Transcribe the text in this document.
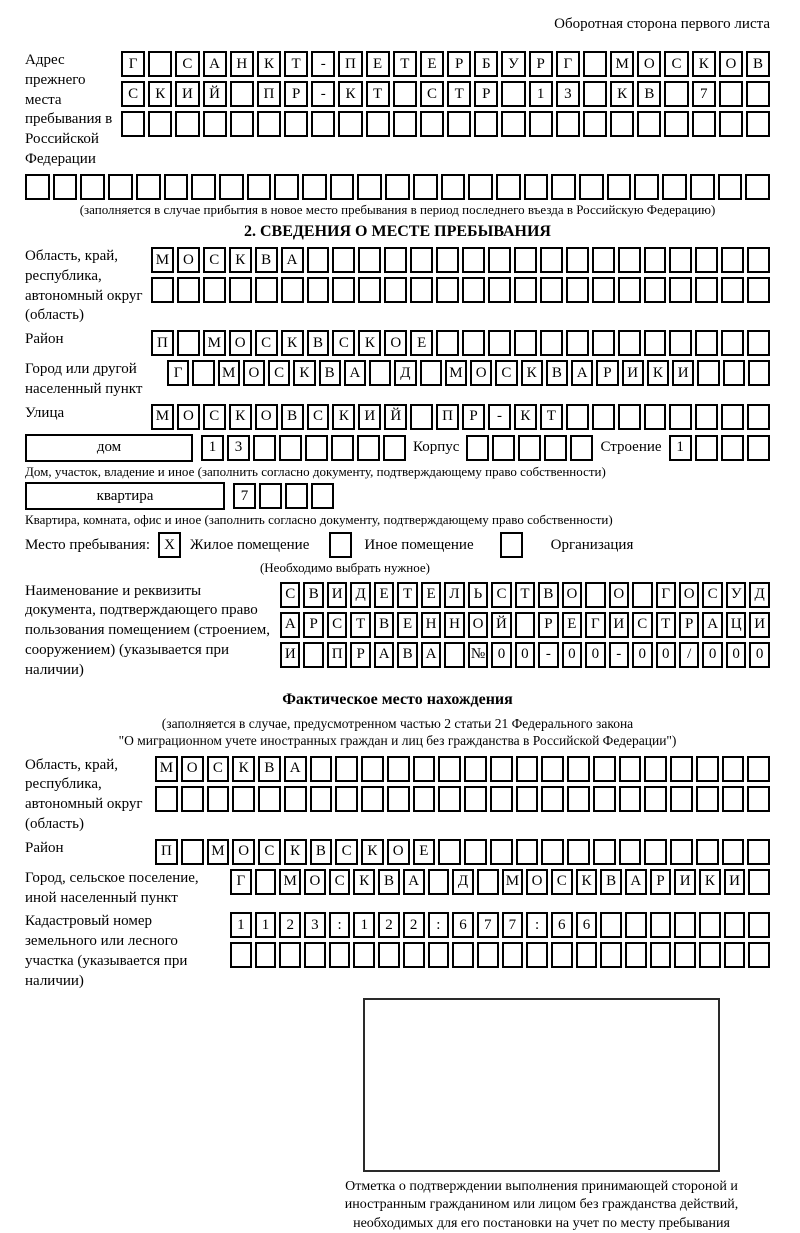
Оборотная сторона первого листа
Адрес прежнего места пребывания в Российской Федерации
Г	С	А	Н	К	Т	-	П	Е	Т	Е	Р	Б	У	Р	Г	М	О	С	К	О	В
С	К	И	Й	П	Р	-	К	Т	С	Т	Р	1	3	К	В	7
(заполняется в случае прибытия в новое место пребывания в период последнего въезда в Российскую Федерацию)
2. СВЕДЕНИЯ О МЕСТЕ ПРЕБЫВАНИЯ
Область, край, республика, автономный округ (область)
М О	С	К	В	А
Район	П	М О	С	К	В	С	К	О	Е
Город или другой населенный пункт
Г	М О С	К	В А	Д	М О С	К	В А	Р	И К И
Улица	М О	С	К	О	В	С	К	И	Й	П	Р	-	К	Т
дом	1	3	Корпус	Строение 1
Дом, участок, владение и иное (заполнить согласно документу, подтверждающему право собственности)
квартира	7
Квартира, комната, офис и иное (заполнить согласно документу, подтверждающему право собственности)
Место пребывания: X	Жилое помещение	Иное помещение	Организация
(Необходимо выбрать нужное)
Наименование и реквизиты документа, подтверждающего право пользования помещением (строением, сооружением) (указывается при наличии)
С В И Д Е Т Е Л Ь С Т В О	О	Г О С У Д
А Р С Т В Е Н Н О Й	Р Е Г И С Т Р А Ц И
И	П Р А В А	№ 0	0	-	0	0	-	0	0	/	0	0	0
Фактическое место нахождения
(заполняется в случае, предусмотренном частью 2 статьи 21 Федерального закона
"О миграционном учете иностранных граждан и лиц без гражданства в Российской Федерации")
Область, край, республика, автономный округ (область)
М О	С	К	В	А
Район	П	М О	С	К	В	С	К	О	Е
Город, сельское поселение, иной населенный пункт
Г	М О С К В А	Д	М О С К В А	Р	И К И
Кадастровый номер земельного или лесного участка (указывается при наличии)
1	1	2	3	:	1	2	2	:	6	7	7	:	6	6
Отметка о подтверждении выполнения принимающей стороной и иностранным гражданином или лицом без гражданства действий, необходимых для его постановки на учет по месту пребывания
